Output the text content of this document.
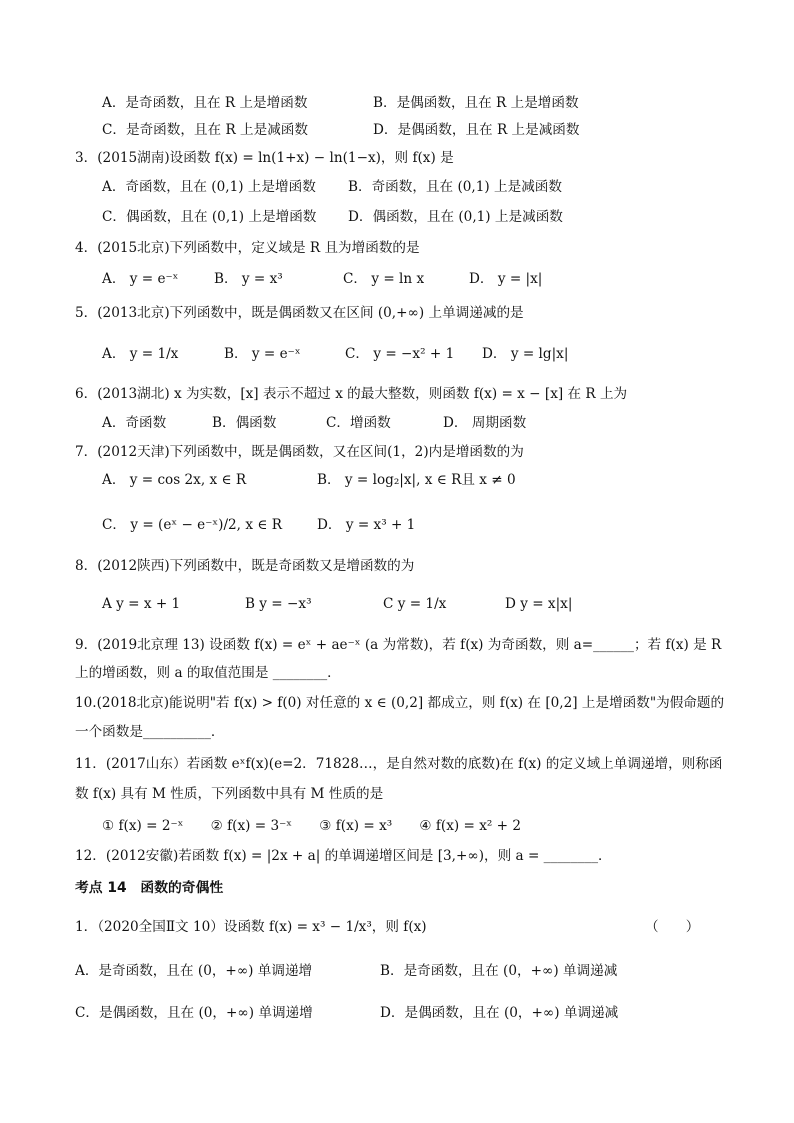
A．是奇函数，且在 R 上是增函数	B．是偶函数，且在 R 上是增函数
C．是奇函数，且在 R 上是减函数	D．是偶函数，且在 R 上是减函数
3．(2015湖南)设函数 f(x) = ln(1+x) − ln(1−x)，则 f(x) 是
A．奇函数，且在 (0,1) 上是增函数 B．奇函数，且在 (0,1) 上是减函数
C．偶函数，且在 (0,1) 上是增函数 D．偶函数，且在 (0,1) 上是减函数
4．(2015北京)下列函数中，定义域是 R 且为增函数的是
A． y = e⁻ˣ	B． y = x³	C． y = ln x	D． y = |x|
5．(2013北京)下列函数中，既是偶函数又在区间 (0,+∞) 上单调递减的是
A． y = 1/x	B． y = e⁻ˣ	C． y = −x² + 1 D． y = lg|x|
6．(2013湖北) x 为实数，[x] 表示不超过 x 的最大整数，则函数 f(x) = x − [x] 在 R 上为
A．奇函数	B．偶函数	C．增函数	D． 周期函数
7．(2012天津)下列函数中，既是偶函数，又在区间(1，2)内是增函数的为
A． y = cos 2x, x ∈ R	B． y = log₂|x|, x ∈ R且 x ≠ 0
C． y = (eˣ − e⁻ˣ)/2, x ∈ R	D． y = x³ + 1
8．(2012陕西)下列函数中，既是奇函数又是增函数的为
A y = x + 1	B y = −x³	C y = 1/x	D y = x|x|
9．(2019北京理 13) 设函数 f(x) = eˣ + ae⁻ˣ (a 为常数)，若 f(x) 为奇函数，则 a=______；若 f(x) 是 R
上的增函数，则 a 的取值范围是 ________．
10.(2018北京)能说明"若 f(x) > f(0) 对任意的 x ∈ (0,2] 都成立，则 f(x) 在 [0,2] 上是增函数"为假命题的
一个函数是__________．
11．(2017山东）若函数 eˣf(x)(e=2．71828…，是自然对数的底数)在 f(x) 的定义域上单调递增，则称函
数 f(x) 具有 M 性质，下列函数中具有 M 性质的是
① f(x) = 2⁻ˣ　　② f(x) = 3⁻ˣ　　③ f(x) = x³　　④ f(x) = x² + 2
12．(2012安徽)若函数 f(x) = |2x + a| 的单调递增区间是 [3,+∞)，则 a = ________．
考点 14　函数的奇偶性
1．（2020全国Ⅱ文 10）设函数 f(x) = x³ − 1/x³，则 f(x)	（　　）
A．是奇函数，且在 (0，+∞) 单调递增	B．是奇函数，且在 (0，+∞) 单调递减
C．是偶函数，且在 (0，+∞) 单调递增	D．是偶函数，且在 (0，+∞) 单调递减
